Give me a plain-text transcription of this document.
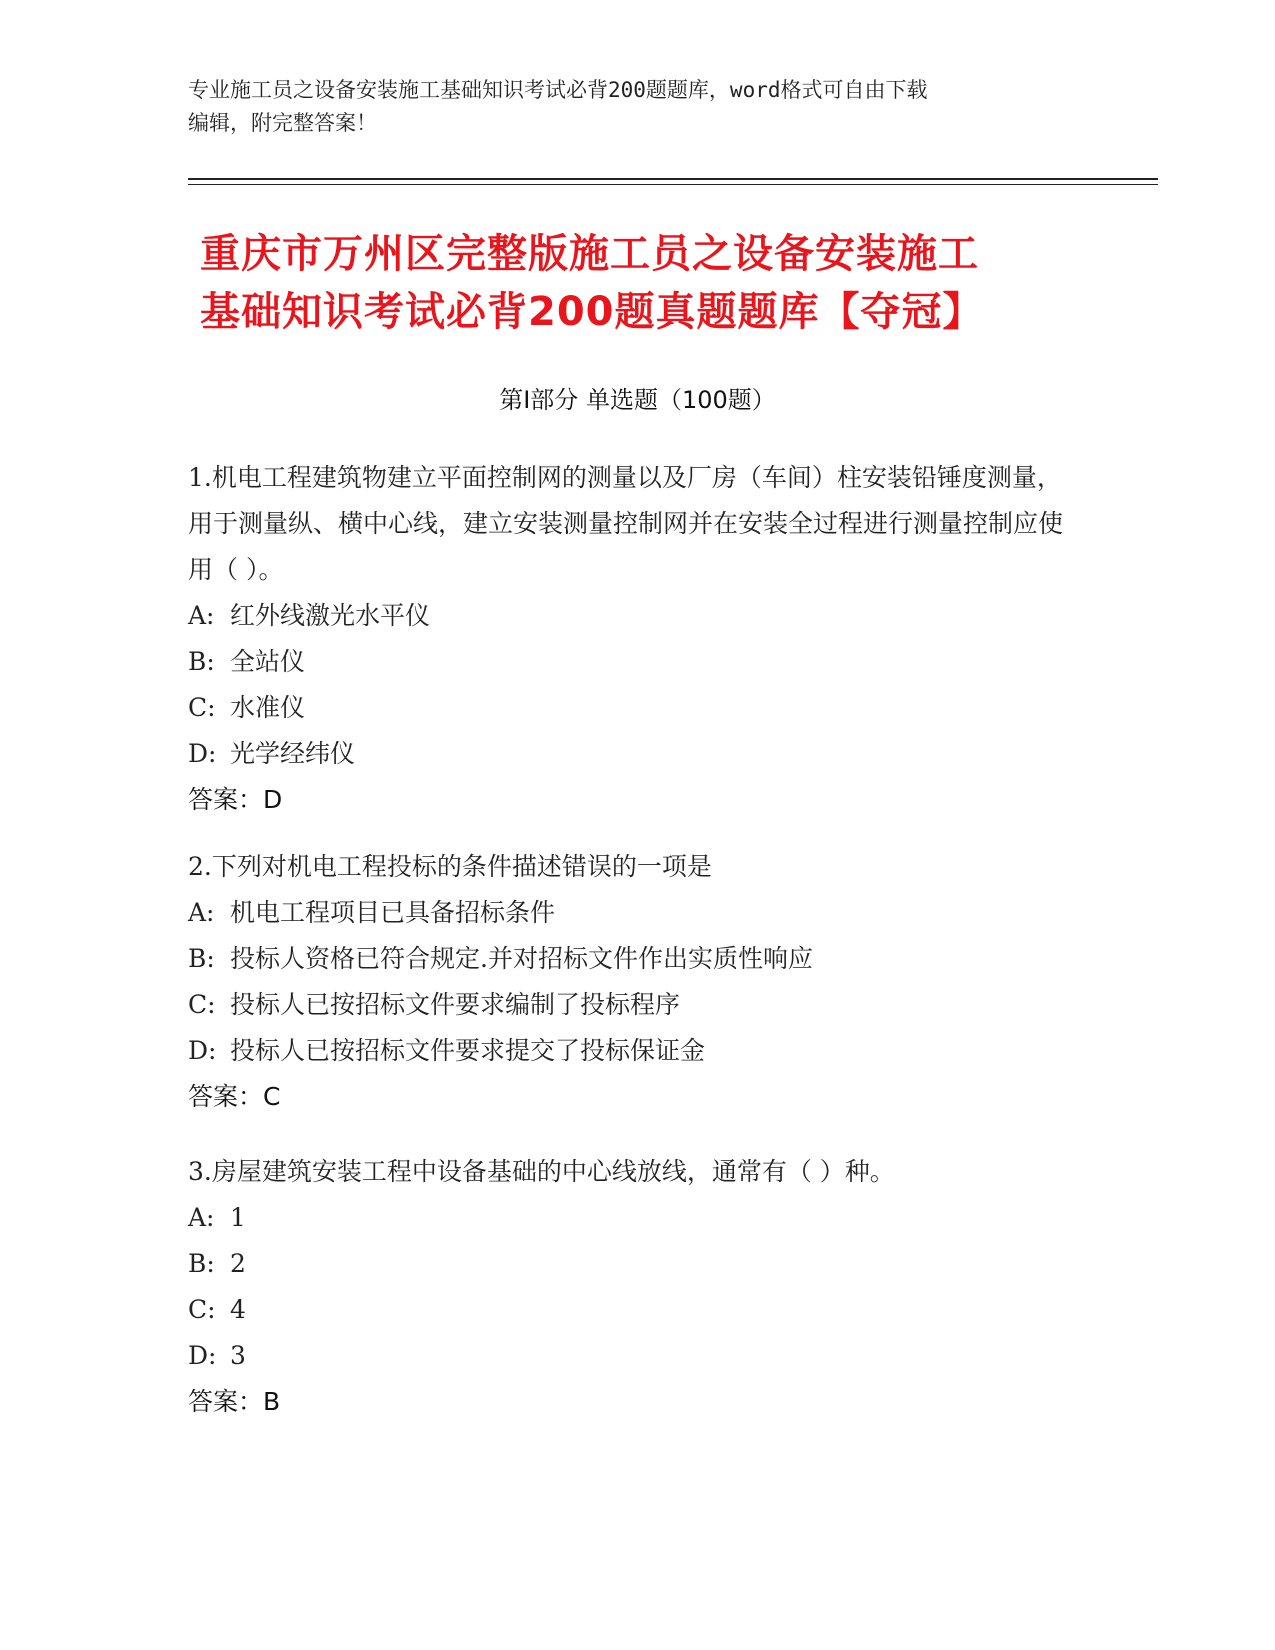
专业施工员之设备安装施工基础知识考试必背200题题库，word格式可自由下载
编辑，附完整答案！
重庆市万州区完整版施工员之设备安装施工
基础知识考试必背200题真题题库【夺冠】
第I部分 单选题（100题）

1.机电工程建筑物建立平面控制网的测量以及厂房（车间）柱安装铅锤度测量，用于测量纵、横中心线，建立安装测量控制网并在安装全过程进行测量控制应使用（ ）。

A: 红外线激光水平仪

B: 全站仪

C: 水准仪

D: 光学经纬仪

答案：D

2.下列对机电工程投标的条件描述错误的一项是

A: 机电工程项目已具备招标条件

B: 投标人资格已符合规定.并对招标文件作出实质性响应

C: 投标人已按招标文件要求编制了投标程序

D: 投标人已按招标文件要求提交了投标保证金

答案：C

3.房屋建筑安装工程中设备基础的中心线放线，通常有（ ）种。

A: 1

B: 2

C: 4

D: 3

答案：B
